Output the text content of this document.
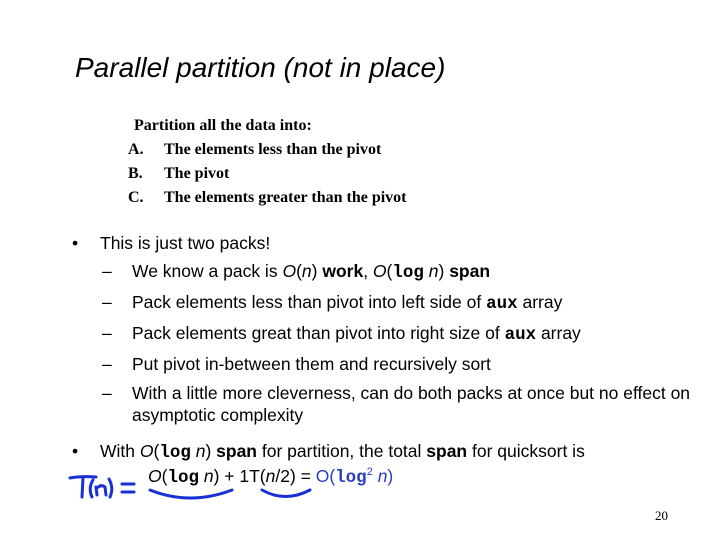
Parallel partition (not in place)
Partition all the data into:
A.	The elements less than the pivot
B.	The pivot
C.	The elements greater than the pivot
•	This is just two packs!
–	We know a pack is O(n) work, O(log n) span
–	Pack elements less than pivot into left side of aux array
–	Pack elements great than pivot into right size of aux array
–	Put pivot in-between them and recursively sort
–	With a little more cleverness, can do both packs at once but no effect on asymptotic complexity
•	With O(log n) span for partition, the total span for quicksort is
O(log $n) + 1T(n/2) = O(\log^2$ n)
20
